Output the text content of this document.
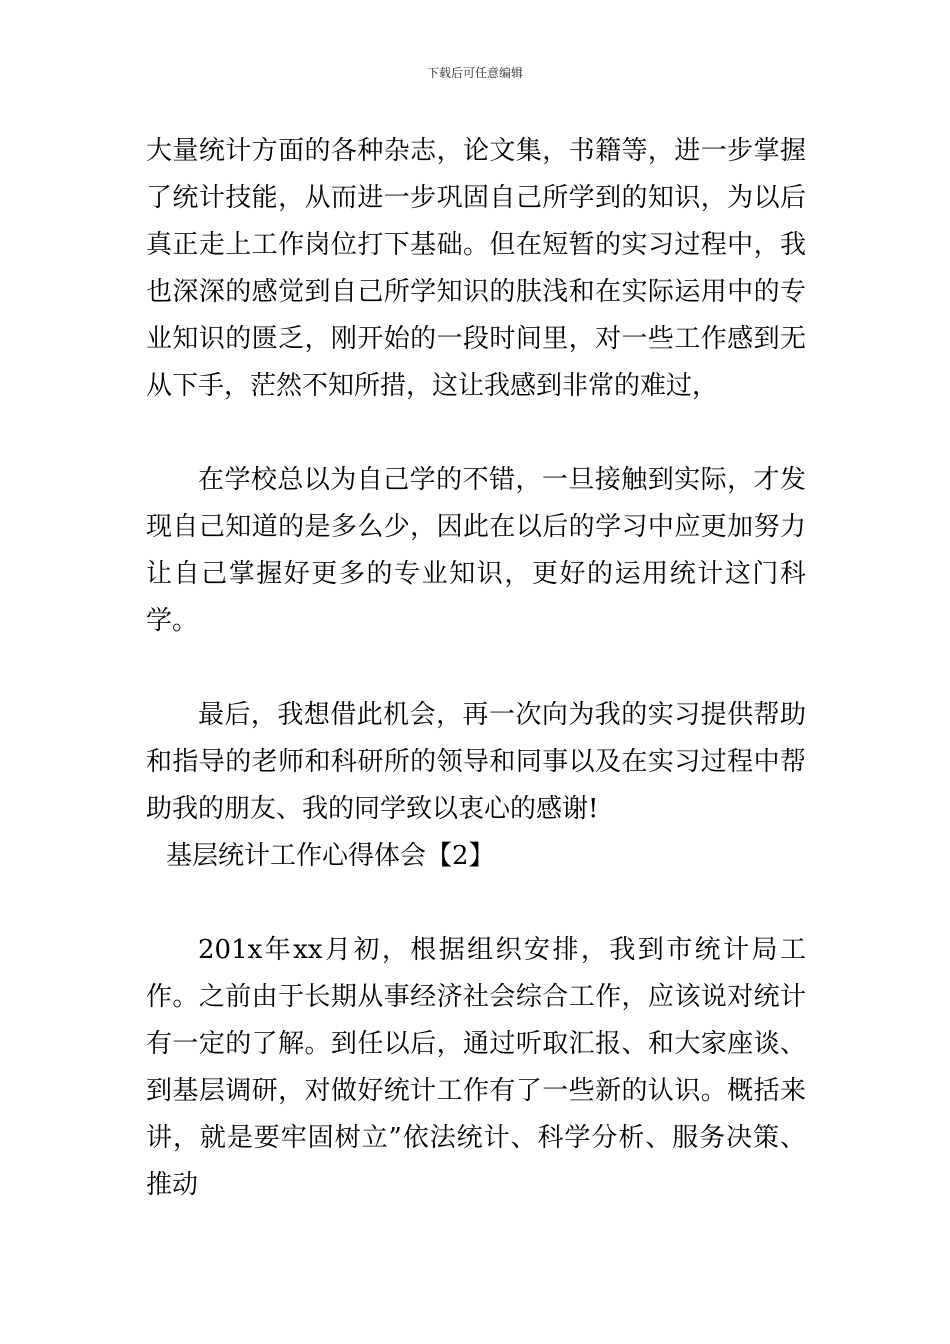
下载后可任意编辑

大量统计方面的各种杂志，论文集，书籍等，进一步掌握了统计技能，从而进一步巩固自己所学到的知识，为以后真正走上工作岗位打下基础。但在短暂的实习过程中，我也深深的感觉到自己所学知识的肤浅和在实际运用中的专业知识的匮乏，刚开始的一段时间里，对一些工作感到无从下手，茫然不知所措，这让我感到非常的难过，

在学校总以为自己学的不错，一旦接触到实际，才发现自己知道的是多么少，因此在以后的学习中应更加努力让自己掌握好更多的专业知识，更好的运用统计这门科学。

最后，我想借此机会，再一次向为我的实习提供帮助和指导的老师和科研所的领导和同事以及在实习过程中帮助我的朋友、我的同学致以衷心的感谢!

基层统计工作心得体会【2】

201x年xx月初，根据组织安排，我到市统计局工作。之前由于长期从事经济社会综合工作，应该说对统计有一定的了解。到任以后，通过听取汇报、和大家座谈、到基层调研，对做好统计工作有了一些新的认识。概括来讲，就是要牢固树立”依法统计、科学分析、服务决策、推动
